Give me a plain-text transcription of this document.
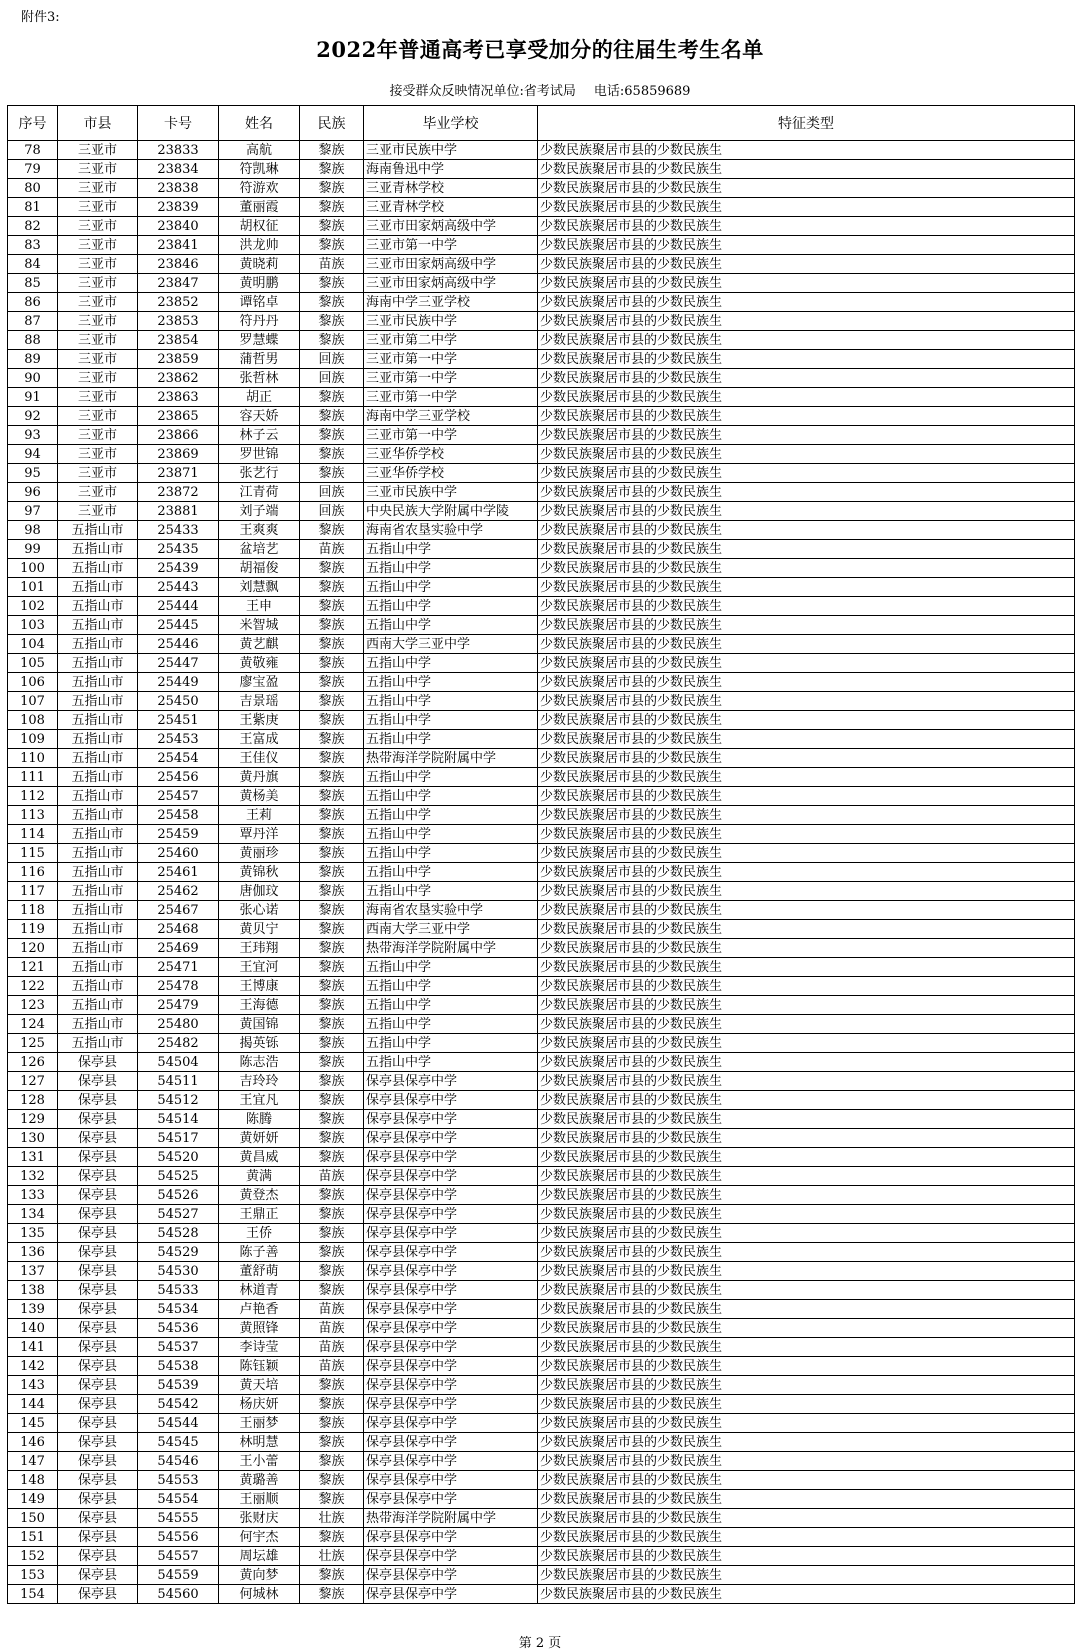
附件3:
2022年普通高考已享受加分的往届生考生名单
接受群众反映情况单位:省考试局 电话:65859689
序号	市县	卡号	姓名	民族	毕业学校	特征类型
78	三亚市	23833	高航	黎族	三亚市民族中学	少数民族聚居市县的少数民族生
79	三亚市	23834	符凯琳	黎族	海南鲁迅中学	少数民族聚居市县的少数民族生
80	三亚市	23838	符游欢	黎族	三亚青林学校	少数民族聚居市县的少数民族生
81	三亚市	23839	董丽霞	黎族	三亚青林学校	少数民族聚居市县的少数民族生
82	三亚市	23840	胡权征	黎族	三亚市田家炳高级中学	少数民族聚居市县的少数民族生
83	三亚市	23841	洪龙帅	黎族	三亚市第一中学	少数民族聚居市县的少数民族生
84	三亚市	23846	黄晓莉	苗族	三亚市田家炳高级中学	少数民族聚居市县的少数民族生
85	三亚市	23847	黄明鹏	黎族	三亚市田家炳高级中学	少数民族聚居市县的少数民族生
86	三亚市	23852	谭铭卓	黎族	海南中学三亚学校	少数民族聚居市县的少数民族生
87	三亚市	23853	符丹丹	黎族	三亚市民族中学	少数民族聚居市县的少数民族生
88	三亚市	23854	罗慧蝶	黎族	三亚市第二中学	少数民族聚居市县的少数民族生
89	三亚市	23859	蒲哲男	回族	三亚市第一中学	少数民族聚居市县的少数民族生
90	三亚市	23862	张哲林	回族	三亚市第一中学	少数民族聚居市县的少数民族生
91	三亚市	23863	胡正	黎族	三亚市第一中学	少数民族聚居市县的少数民族生
92	三亚市	23865	容天娇	黎族	海南中学三亚学校	少数民族聚居市县的少数民族生
93	三亚市	23866	林子云	黎族	三亚市第一中学	少数民族聚居市县的少数民族生
94	三亚市	23869	罗世锦	黎族	三亚华侨学校	少数民族聚居市县的少数民族生
95	三亚市	23871	张艺行	黎族	三亚华侨学校	少数民族聚居市县的少数民族生
96	三亚市	23872	江青荷	回族	三亚市民族中学	少数民族聚居市县的少数民族生
97	三亚市	23881	刘子端	回族	中央民族大学附属中学陵	少数民族聚居市县的少数民族生
98	五指山市	25433	王爽爽	黎族	海南省农垦实验中学	少数民族聚居市县的少数民族生
99	五指山市	25435	盆培艺	苗族	五指山中学	少数民族聚居市县的少数民族生
100	五指山市	25439	胡福俊	黎族	五指山中学	少数民族聚居市县的少数民族生
101	五指山市	25443	刘慧飘	黎族	五指山中学	少数民族聚居市县的少数民族生
102	五指山市	25444	王申	黎族	五指山中学	少数民族聚居市县的少数民族生
103	五指山市	25445	米智城	黎族	五指山中学	少数民族聚居市县的少数民族生
104	五指山市	25446	黄艺麒	黎族	西南大学三亚中学	少数民族聚居市县的少数民族生
105	五指山市	25447	黄敬雍	黎族	五指山中学	少数民族聚居市县的少数民族生
106	五指山市	25449	廖宝盈	黎族	五指山中学	少数民族聚居市县的少数民族生
107	五指山市	25450	吉景瑶	黎族	五指山中学	少数民族聚居市县的少数民族生
108	五指山市	25451	王紫庚	黎族	五指山中学	少数民族聚居市县的少数民族生
109	五指山市	25453	王富成	黎族	五指山中学	少数民族聚居市县的少数民族生
110	五指山市	25454	王佳仪	黎族	热带海洋学院附属中学	少数民族聚居市县的少数民族生
111	五指山市	25456	黄丹旗	黎族	五指山中学	少数民族聚居市县的少数民族生
112	五指山市	25457	黄杨美	黎族	五指山中学	少数民族聚居市县的少数民族生
113	五指山市	25458	王莉	黎族	五指山中学	少数民族聚居市县的少数民族生
114	五指山市	25459	覃丹洋	黎族	五指山中学	少数民族聚居市县的少数民族生
115	五指山市	25460	黄丽珍	黎族	五指山中学	少数民族聚居市县的少数民族生
116	五指山市	25461	黄锦秋	黎族	五指山中学	少数民族聚居市县的少数民族生
117	五指山市	25462	唐伽玟	黎族	五指山中学	少数民族聚居市县的少数民族生
118	五指山市	25467	张心诺	黎族	海南省农垦实验中学	少数民族聚居市县的少数民族生
119	五指山市	25468	黄贝宁	黎族	西南大学三亚中学	少数民族聚居市县的少数民族生
120	五指山市	25469	王玮翔	黎族	热带海洋学院附属中学	少数民族聚居市县的少数民族生
121	五指山市	25471	王宜河	黎族	五指山中学	少数民族聚居市县的少数民族生
122	五指山市	25478	王博康	黎族	五指山中学	少数民族聚居市县的少数民族生
123	五指山市	25479	王海德	黎族	五指山中学	少数民族聚居市县的少数民族生
124	五指山市	25480	黄国锦	黎族	五指山中学	少数民族聚居市县的少数民族生
125	五指山市	25482	揭英铄	黎族	五指山中学	少数民族聚居市县的少数民族生
126	保亭县	54504	陈志浩	黎族	五指山中学	少数民族聚居市县的少数民族生
127	保亭县	54511	吉玲玲	黎族	保亭县保亭中学	少数民族聚居市县的少数民族生
128	保亭县	54512	王宜凡	黎族	保亭县保亭中学	少数民族聚居市县的少数民族生
129	保亭县	54514	陈腾	黎族	保亭县保亭中学	少数民族聚居市县的少数民族生
130	保亭县	54517	黄妍妍	黎族	保亭县保亭中学	少数民族聚居市县的少数民族生
131	保亭县	54520	黄昌威	黎族	保亭县保亭中学	少数民族聚居市县的少数民族生
132	保亭县	54525	黄满	苗族	保亭县保亭中学	少数民族聚居市县的少数民族生
133	保亭县	54526	黄登杰	黎族	保亭县保亭中学	少数民族聚居市县的少数民族生
134	保亭县	54527	王鼎正	黎族	保亭县保亭中学	少数民族聚居市县的少数民族生
135	保亭县	54528	王侨	黎族	保亭县保亭中学	少数民族聚居市县的少数民族生
136	保亭县	54529	陈子善	黎族	保亭县保亭中学	少数民族聚居市县的少数民族生
137	保亭县	54530	董舒萌	黎族	保亭县保亭中学	少数民族聚居市县的少数民族生
138	保亭县	54533	林道青	黎族	保亭县保亭中学	少数民族聚居市县的少数民族生
139	保亭县	54534	卢艳香	苗族	保亭县保亭中学	少数民族聚居市县的少数民族生
140	保亭县	54536	黄照锋	苗族	保亭县保亭中学	少数民族聚居市县的少数民族生
141	保亭县	54537	李诗莹	苗族	保亭县保亭中学	少数民族聚居市县的少数民族生
142	保亭县	54538	陈钰颖	苗族	保亭县保亭中学	少数民族聚居市县的少数民族生
143	保亭县	54539	黄天培	黎族	保亭县保亭中学	少数民族聚居市县的少数民族生
144	保亭县	54542	杨庆妍	黎族	保亭县保亭中学	少数民族聚居市县的少数民族生
145	保亭县	54544	王丽梦	黎族	保亭县保亭中学	少数民族聚居市县的少数民族生
146	保亭县	54545	林明慧	黎族	保亭县保亭中学	少数民族聚居市县的少数民族生
147	保亭县	54546	王小蕾	黎族	保亭县保亭中学	少数民族聚居市县的少数民族生
148	保亭县	54553	黄璐善	黎族	保亭县保亭中学	少数民族聚居市县的少数民族生
149	保亭县	54554	王丽顺	黎族	保亭县保亭中学	少数民族聚居市县的少数民族生
150	保亭县	54555	张财庆	壮族	热带海洋学院附属中学	少数民族聚居市县的少数民族生
151	保亭县	54556	何宇杰	黎族	保亭县保亭中学	少数民族聚居市县的少数民族生
152	保亭县	54557	周坛雄	壮族	保亭县保亭中学	少数民族聚居市县的少数民族生
153	保亭县	54559	黄向梦	黎族	保亭县保亭中学	少数民族聚居市县的少数民族生
154	保亭县	54560	何城林	黎族	保亭县保亭中学	少数民族聚居市县的少数民族生
第 2 页
